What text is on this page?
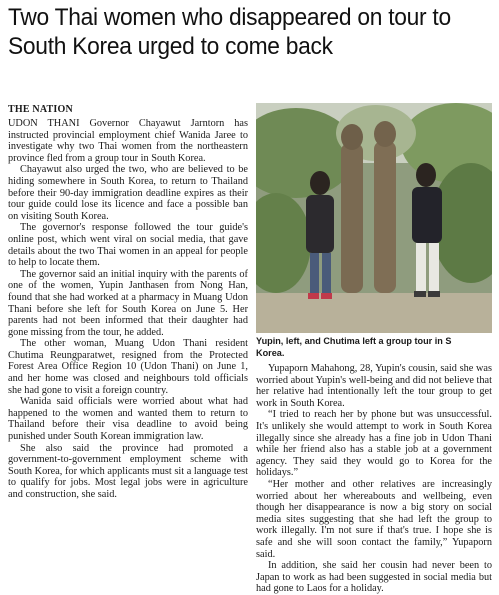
Two Thai women who disappeared on tour to South Korea urged to come back
THE NATION

UDON THANI Governor Chayawut Jarntorn has instructed provincial employment chief Wanida Jaree to investigate why two Thai women from the northeastern province fled from a group tour in South Korea.

Chayawut also urged the two, who are believed to be hiding somewhere in South Korea, to return to Thailand before their 90-day immigration deadline expires as their tour guide could lose its licence and face a possible ban on visiting South Korea.

The governor's response followed the tour guide's online post, which went viral on social media, that gave details about the two Thai women in an appeal for people to help to locate them.

The governor said an initial inquiry with the parents of one of the women, Yupin Janthasen from Nong Han, found that she had worked at a pharmacy in Muang Udon Thani before she left for South Korea on June 5. Her parents had not been informed that their daughter had gone missing from the tour, he added.

The other woman, Muang Udon Thani resident Chutima Reungparatwet, resigned from the Protected Forest Area Office Region 10 (Udon Thani) on June 1, and her home was closed and neighbours told officials she had gone to visit a foreign country.

Wanida said officials were worried about what had happened to the women and wanted them to return to Thailand before their visa deadline to avoid being punished under South Korean immigration law.

She also said the province had promoted a government-to-government employment scheme with South Korea, for which applicants must sit a language test to qualify for jobs. Most legal jobs were in agriculture and construction, she said.

Yupin, left, and Chutima left a group tour in S Korea.

Yupaporn Mahahong, 28, Yupin's cousin, said she was worried about Yupin's well-being and did not believe that her relative had intentionally left the tour group to get work in South Korea.

“I tried to reach her by phone but was unsuccessful. It's unlikely she would attempt to work in South Korea illegally since she already has a fine job in Udon Thani while her friend also has a stable job at a government agency. They said they would go to Korea for the holidays.”

“Her mother and other relatives are increasingly worried about her whereabouts and wellbeing, even though her disappearance is now a big story on social media sites suggesting that she had left the group to work illegally. I'm not sure if that's true. I hope she is safe and she will soon contact the family,” Yupaporn said.

In addition, she said her cousin had never been to Japan to work as had been suggested in social media but had gone to Laos for a holiday.
